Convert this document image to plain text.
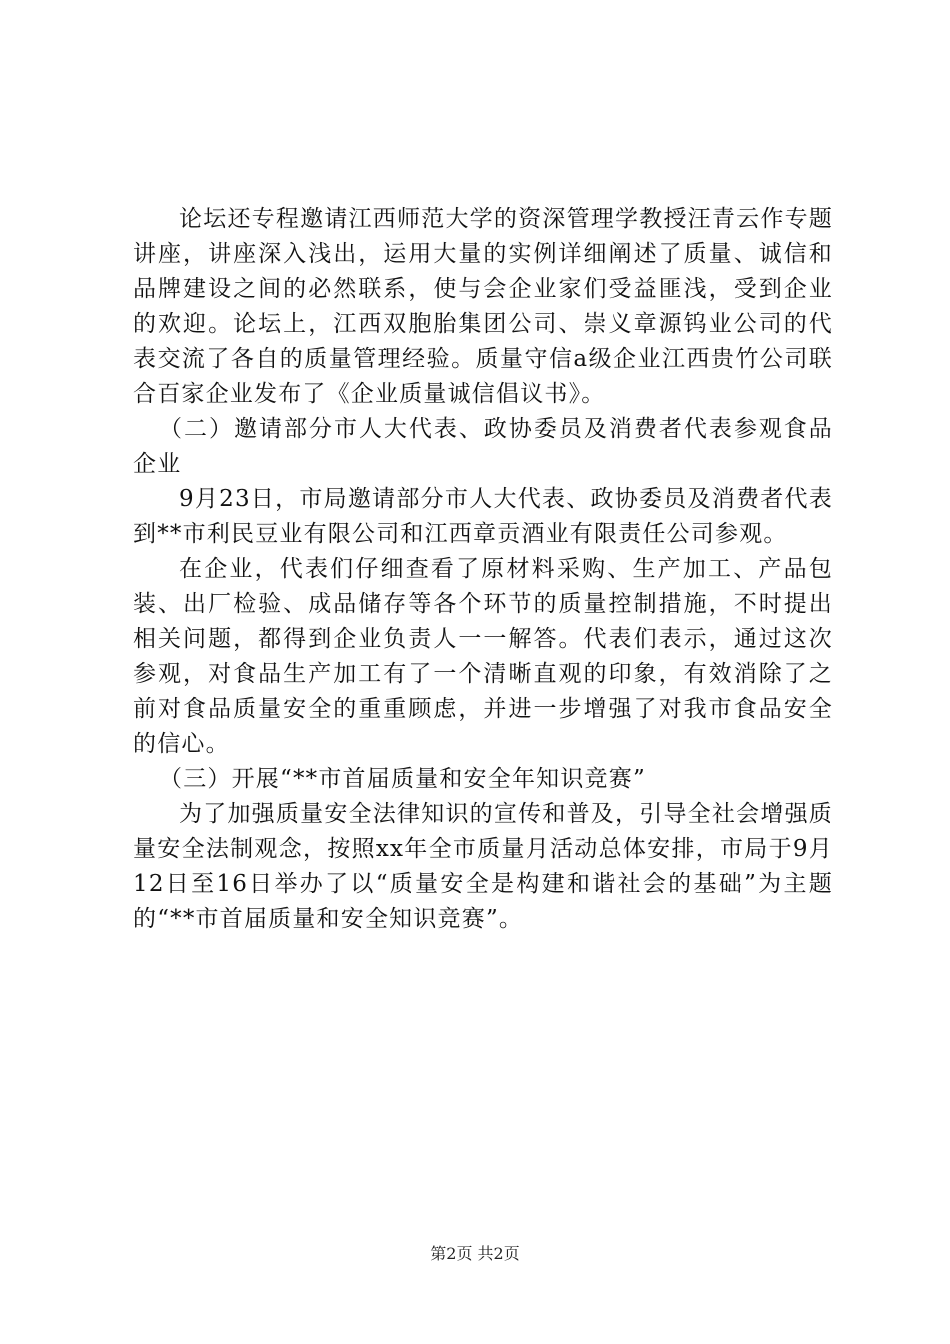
论坛还专程邀请江西师范大学的资深管理学教授汪青云作专题讲座，讲座深入浅出，运用大量的实例详细阐述了质量、诚信和品牌建设之间的必然联系，使与会企业家们受益匪浅，受到企业的欢迎。论坛上，江西双胞胎集团公司、崇义章源钨业公司的代表交流了各自的质量管理经验。质量守信a级企业江西贵竹公司联合百家企业发布了《企业质量诚信倡议书》。

（二）邀请部分市人大代表、政协委员及消费者代表参观食品企业

9月23日，市局邀请部分市人大代表、政协委员及消费者代表到**市利民豆业有限公司和江西章贡酒业有限责任公司参观。

在企业，代表们仔细查看了原材料采购、生产加工、产品包装、出厂检验、成品储存等各个环节的质量控制措施，不时提出相关问题，都得到企业负责人一一解答。代表们表示，通过这次参观，对食品生产加工有了一个清晰直观的印象，有效消除了之前对食品质量安全的重重顾虑，并进一步增强了对我市食品安全的信心。

（三）开展“**市首届质量和安全年知识竞赛”

为了加强质量安全法律知识的宣传和普及，引导全社会增强质量安全法制观念，按照xx年全市质量月活动总体安排，市局于9月12日至16日举办了以“质量安全是构建和谐社会的基础”为主题的“**市首届质量和安全知识竞赛”。

第2页 共2页
